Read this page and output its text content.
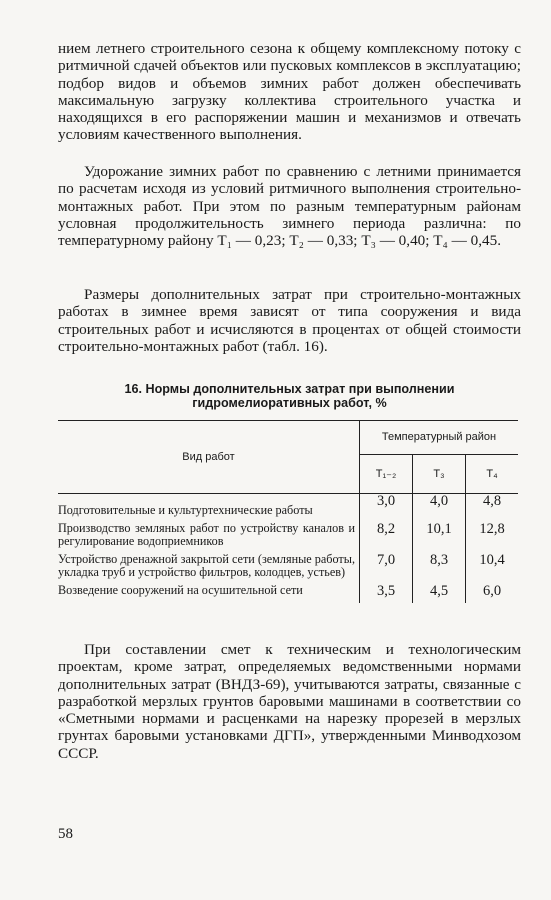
нием летнего строительного сезона к общему комплексному потоку с ритмичной сдачей объектов или пусковых комплексов в эксплуатацию; подбор видов и объемов зимних работ должен обеспечивать максимальную загрузку коллектива строительного участка и находящихся в его распоряжении машин и механизмов и отвечать условиям качественного выполнения.

Удорожание зимних работ по сравнению с летними принимается по расчетам исходя из условий ритмичного выполнения строительно-монтажных работ. При этом по разным температурным районам условная продолжительность зимнего периода различна: по температурному району Т₁ — 0,23; Т₂ — 0,33; Т₃ — 0,40; Т₄ — 0,45.

Размеры дополнительных затрат при строительно-монтажных работах в зимнее время зависят от типа сооружения и вида строительных работ и исчисляются в процентах от общей стоимости строительно-монтажных работ (табл. 16).

16. Нормы дополнительных затрат при выполнении гидромелиоративных работ, %
Вид работ	Температурный район		
	Т₁₋₂	Т₃	Т₄
Подготовительные и культуртехнические работы	3,0	4,0	4,8
Производство земляных работ по устройству каналов и регулирование водоприемников	8,2	10,1	12,8
Устройство дренажной закрытой сети (земляные работы, укладка труб и устройство фильтров, колодцев, устьев)	7,0	8,3	10,4
Возведение сооружений на осушительной сети	3,5	4,5	6,0

При составлении смет к техническим и технологическим проектам, кроме затрат, определяемых ведомственными нормами дополнительных затрат (ВНДЗ-69), учитываются затраты, связанные с разработкой мерзлых грунтов баровыми машинами в соответствии со «Сметными нормами и расценками на нарезку прорезей в мерзлых грунтах баровыми установками ДГП», утвержденными Минводхозом СССР.

58
